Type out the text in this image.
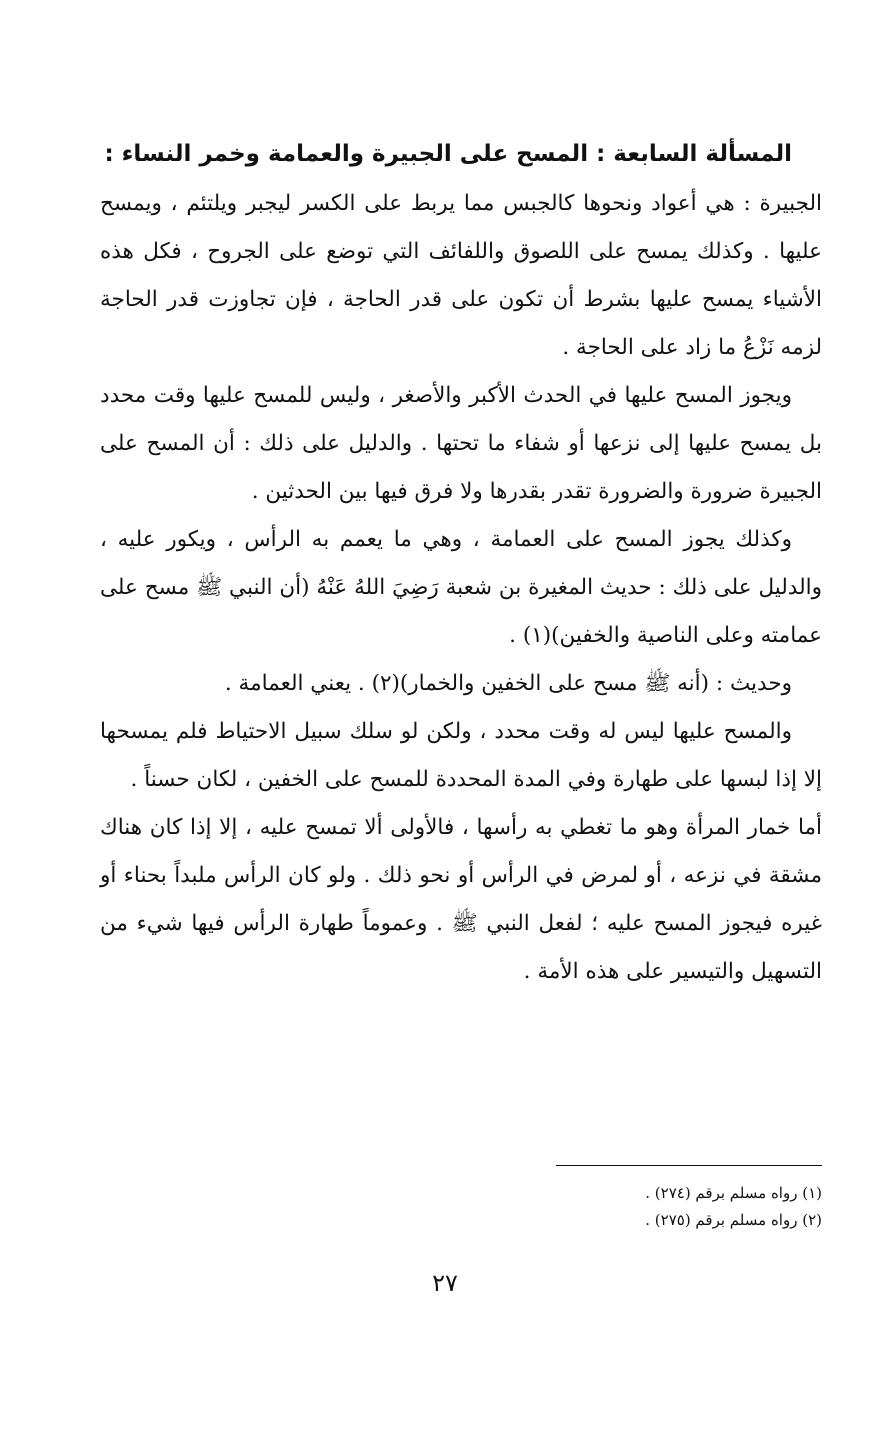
المسألة السابعة : المسح على الجبيرة والعمامة وخمر النساء :

الجبيرة : هي أعواد ونحوها كالجبس مما يربط على الكسر ليجبر ويلتئم ، ويمسح عليها . وكذلك يمسح على اللصوق واللفائف التي توضع على الجروح ، فكل هذه الأشياء يمسح عليها بشرط أن تكون على قدر الحاجة ، فإن تجاوزت قدر الحاجة لزمه نَزْعُ ما زاد على الحاجة .

ويجوز المسح عليها في الحدث الأكبر والأصغر ، وليس للمسح عليها وقت محدد بل يمسح عليها إلى نزعها أو شفاء ما تحتها . والدليل على ذلك : أن المسح على الجبيرة ضرورة والضرورة تقدر بقدرها ولا فرق فيها بين الحدثين .

وكذلك يجوز المسح على العمامة ، وهي ما يعمم به الرأس ، ويكور عليه ، والدليل على ذلك : حديث المغيرة بن شعبة رَضِيَ اللهُ عَنْهُ (أن النبي ﷺ مسح على عمامته وعلى الناصية والخفين)(١) .

وحديث : (أنه ﷺ مسح على الخفين والخمار)(٢) . يعني العمامة .

والمسح عليها ليس له وقت محدد ، ولكن لو سلك سبيل الاحتياط فلم يمسحها إلا إذا لبسها على طهارة وفي المدة المحددة للمسح على الخفين ، لكان حسناً .

أما خمار المرأة وهو ما تغطي به رأسها ، فالأولى ألا تمسح عليه ، إلا إذا كان هناك مشقة في نزعه ، أو لمرض في الرأس أو نحو ذلك . ولو كان الرأس ملبداً بحناء أو غيره فيجوز المسح عليه ؛ لفعل النبي ﷺ . وعموماً طهارة الرأس فيها شيء من التسهيل والتيسير على هذه الأمة .

(١) رواه مسلم برقم (٢٧٤) .

(٢) رواه مسلم برقم (٢٧٥) .

٢٧
